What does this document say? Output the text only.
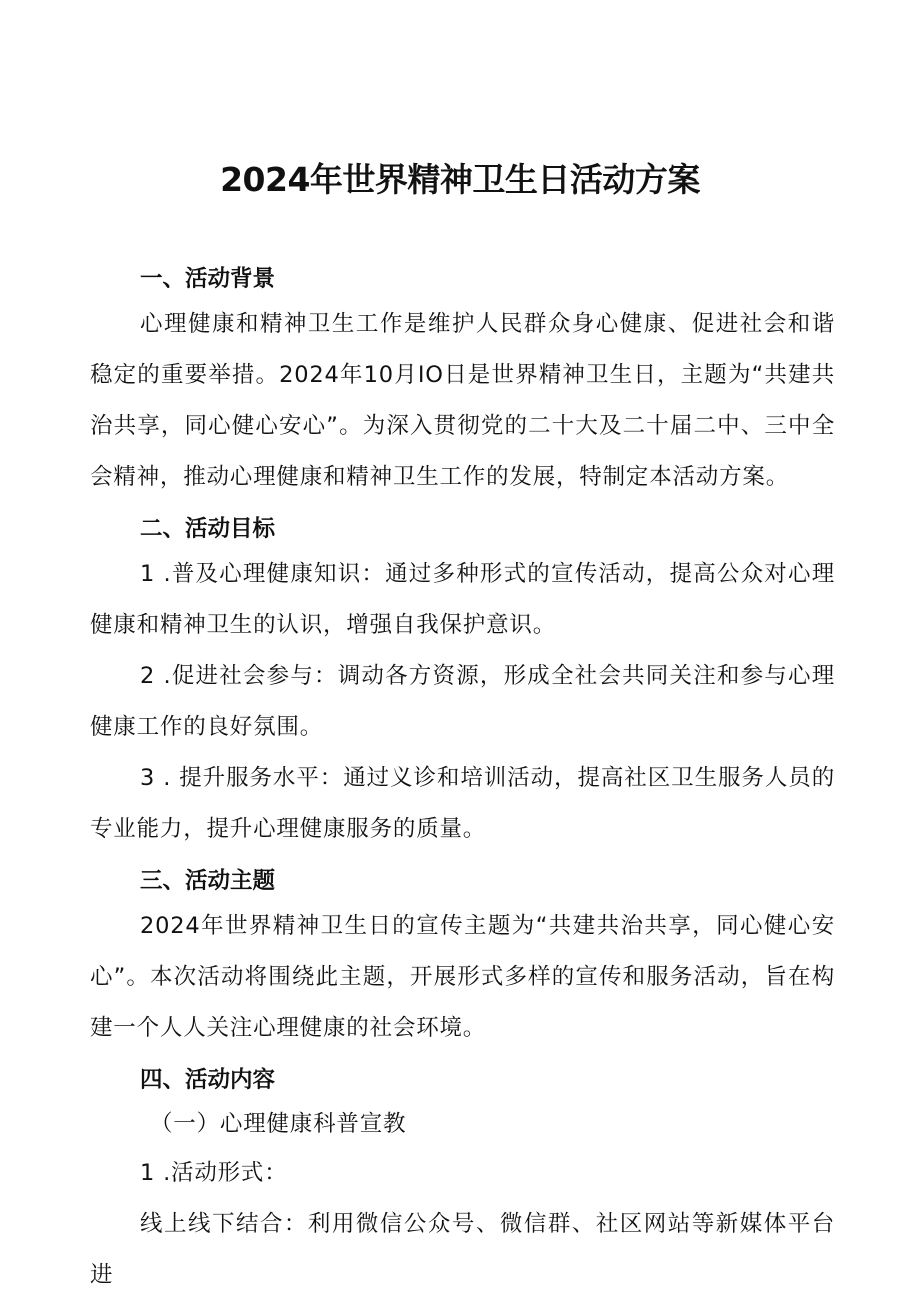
2024年世界精神卫生日活动方案
一、活动背景

心理健康和精神卫生工作是维护人民群众身心健康、促进社会和谐稳定的重要举措。2024年10月IO日是世界精神卫生日，主题为“共建共治共享，同心健心安心”。为深入贯彻党的二十大及二十届二中、三中全会精神，推动心理健康和精神卫生工作的发展，特制定本活动方案。

二、活动目标

1 .普及心理健康知识：通过多种形式的宣传活动，提高公众对心理健康和精神卫生的认识，增强自我保护意识。

2 .促进社会参与：调动各方资源，形成全社会共同关注和参与心理健康工作的良好氛围。

3 . 提升服务水平：通过义诊和培训活动，提高社区卫生服务人员的专业能力，提升心理健康服务的质量。

三、活动主题

2024年世界精神卫生日的宣传主题为“共建共治共享，同心健心安心”。本次活动将围绕此主题，开展形式多样的宣传和服务活动，旨在构建一个人人关注心理健康的社会环境。

四、活动内容
（一）心理健康科普宣教

1 .活动形式：

线上线下结合：利用微信公众号、微信群、社区网站等新媒体平台进
